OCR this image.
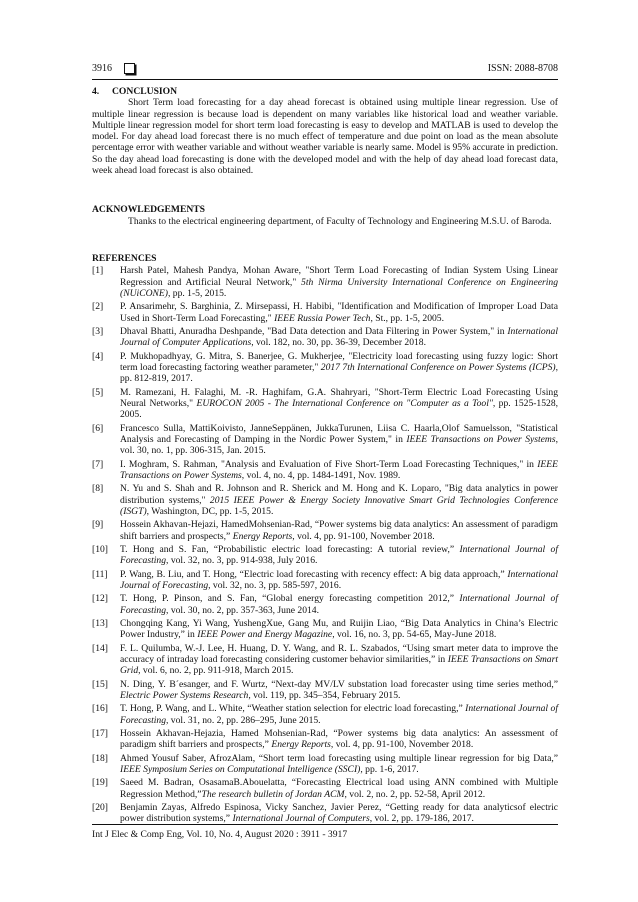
3916	ISSN: 2088-8708
4. CONCLUSION

Short Term load forecasting for a day ahead forecast is obtained using multiple linear regression. Use of multiple linear regression is because load is dependent on many variables like historical load and weather variable. Multiple linear regression model for short term load forecasting is easy to develop and MATLAB is used to develop the model. For day ahead load forecast there is no much effect of temperature and due point on load as the mean absolute percentage error with weather variable and without weather variable is nearly same. Model is 95% accurate in prediction. So the day ahead load forecasting is done with the developed model and with the help of day ahead load forecast data, week ahead load forecast is also obtained.

ACKNOWLEDGEMENTS

Thanks to the electrical engineering department, of Faculty of Technology and Engineering M.S.U. of Baroda.

REFERENCES
[1]	Harsh Patel, Mahesh Pandya, Mohan Aware, "Short Term Load Forecasting of Indian System Using Linear Regression and Artificial Neural Network," 5th Nirma University International Conference on Engineering (NUiCONE), pp. 1-5, 2015.
[2]	P. Ansarimehr, S. Barghinia, Z. Mirsepassi, H. Habibi, "Identification and Modification of Improper Load Data Used in Short-Term Load Forecasting," IEEE Russia Power Tech, St., pp. 1-5, 2005.
[3]	Dhaval Bhatti, Anuradha Deshpande, "Bad Data detection and Data Filtering in Power System," in International Journal of Computer Applications, vol. 182, no. 30, pp. 36-39, December 2018.
[4]	P. Mukhopadhyay, G. Mitra, S. Banerjee, G. Mukherjee, "Electricity load forecasting using fuzzy logic: Short term load forecasting factoring weather parameter," 2017 7th International Conference on Power Systems (ICPS), pp. 812-819, 2017.
[5]	M. Ramezani, H. Falaghi, M. -R. Haghifam, G.A. Shahryari, "Short-Term Electric Load Forecasting Using Neural Networks," EUROCON 2005 - The International Conference on "Computer as a Tool", pp. 1525-1528, 2005.
[6]	Francesco Sulla, MattiKoivisto, JanneSeppänen, JukkaTurunen, Liisa C. Haarla,Olof Samuelsson, "Statistical Analysis and Forecasting of Damping in the Nordic Power System," in IEEE Transactions on Power Systems, vol. 30, no. 1, pp. 306-315, Jan. 2015.
[7]	I. Moghram, S. Rahman, "Analysis and Evaluation of Five Short-Term Load Forecasting Techniques," in IEEE Transactions on Power Systems, vol. 4, no. 4, pp. 1484-1491, Nov. 1989.
[8]	N. Yu and S. Shah and R. Johnson and R. Sherick and M. Hong and K. Loparo, "Big data analytics in power distribution systems," 2015 IEEE Power & Energy Society Innovative Smart Grid Technologies Conference (ISGT), Washington, DC, pp. 1-5, 2015.
[9]	Hossein Akhavan-Hejazi, HamedMohsenian-Rad, “Power systems big data analytics: An assessment of paradigm shift barriers and prospects,” Energy Reports, vol. 4, pp. 91-100, November 2018.
[10]	T. Hong and S. Fan, “Probabilistic electric load forecasting: A tutorial review,” International Journal of Forecasting, vol. 32, no. 3, pp. 914-938, July 2016.
[11]	P. Wang, B. Liu, and T. Hong, “Electric load forecasting with recency effect: A big data approach,” International Journal of Forecasting, vol. 32, no. 3, pp. 585-597, 2016.
[12]	T. Hong, P. Pinson, and S. Fan, “Global energy forecasting competition 2012,” International Journal of Forecasting, vol. 30, no. 2, pp. 357-363, June 2014.
[13]	Chongqing Kang, Yi Wang, YushengXue, Gang Mu, and Ruijin Liao, “Big Data Analytics in China’s Electric Power Industry,” in IEEE Power and Energy Magazine, vol. 16, no. 3, pp. 54-65, May-June 2018.
[14]	F. L. Quilumba, W.-J. Lee, H. Huang, D. Y. Wang, and R. L. Szabados, “Using smart meter data to improve the accuracy of intraday load forecasting considering customer behavior similarities,” in IEEE Transactions on Smart Grid, vol. 6, no. 2, pp. 911-918, March 2015.
[15]	N. Ding, Y. B´esanger, and F. Wurtz, “Next-day MV/LV substation load forecaster using time series method,” Electric Power Systems Research, vol. 119, pp. 345–354, February 2015.
[16]	T. Hong, P. Wang, and L. White, “Weather station selection for electric load forecasting,” International Journal of Forecasting, vol. 31, no. 2, pp. 286–295, June 2015.
[17]	Hossein Akhavan-Hejazia, Hamed Mohsenian-Rad, “Power systems big data analytics: An assessment of paradigm shift barriers and prospects,” Energy Reports, vol. 4, pp. 91-100, November 2018.
[18]	Ahmed Yousuf Saber, AfrozAlam, “Short term load forecasting using multiple linear regression for big Data,” IEEE Symposium Series on Computational Intelligence (SSCI), pp. 1-6, 2017.
[19]	Saeed M. Badran, OsasamaB.Abouelatta, “Forecasting Electrical load using ANN combined with Multiple Regression Method,”The research bulletin of Jordan ACM, vol. 2, no. 2, pp. 52-58, April 2012.
[20]	Benjamin Zayas, Alfredo Espinosa, Vicky Sanchez, Javier Perez, “Getting ready for data analyticsof electric power distribution systems,” International Journal of Computers, vol. 2, pp. 179-186, 2017.
Int J Elec & Comp Eng, Vol. 10, No. 4, August 2020 : 3911 - 3917
